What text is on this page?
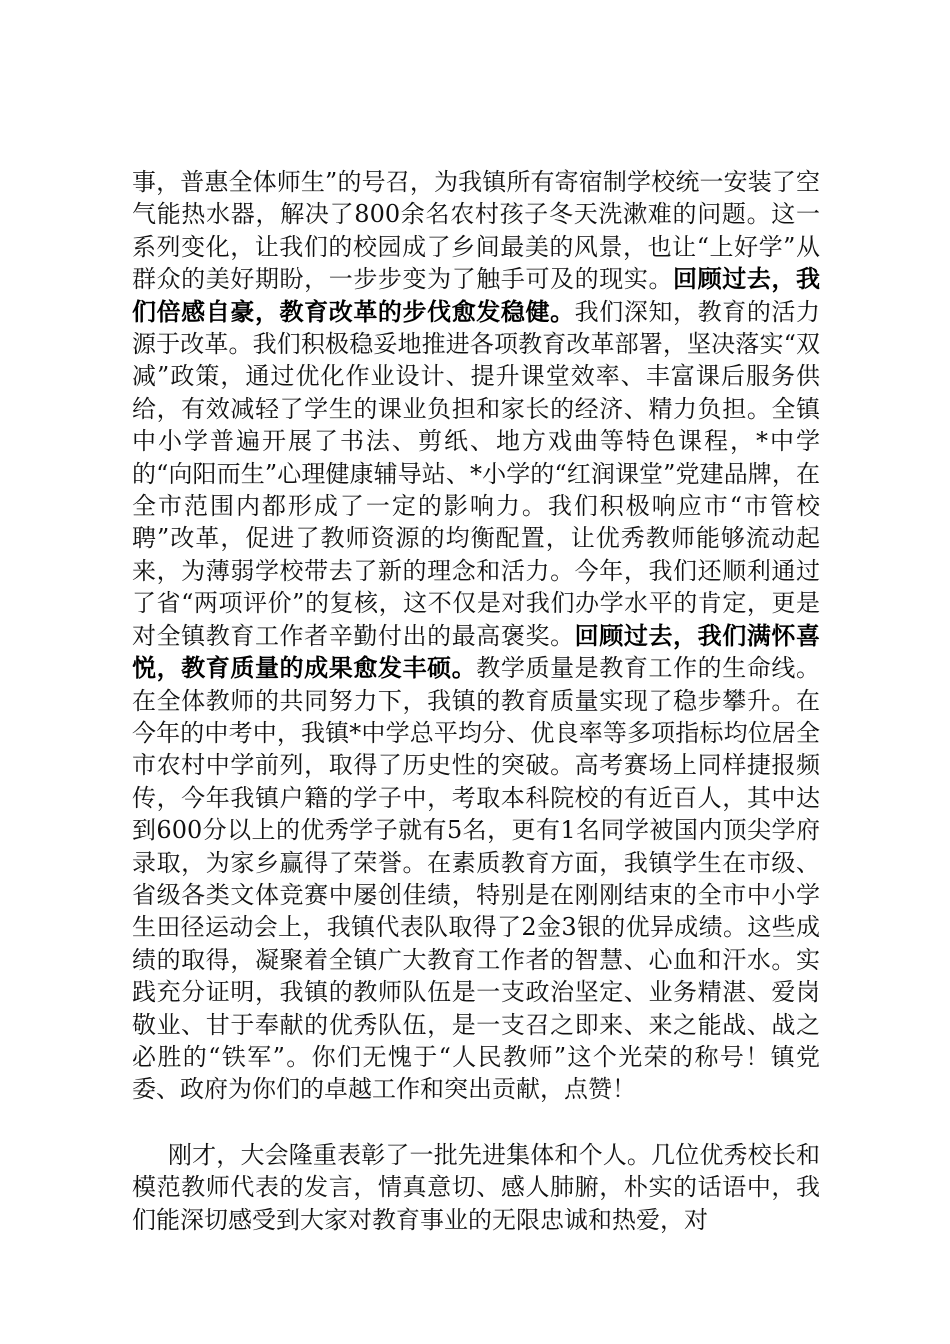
事，普惠全体师生”的号召，为我镇所有寄宿制学校统一安装了空气能热水器，解决了800余名农村孩子冬天洗漱难的问题。这一系列变化，让我们的校园成了乡间最美的风景，也让“上好学”从群众的美好期盼，一步步变为了触手可及的现实。回顾过去，我们倍感自豪，教育改革的步伐愈发稳健。我们深知，教育的活力源于改革。我们积极稳妥地推进各项教育改革部署，坚决落实“双减”政策，通过优化作业设计、提升课堂效率、丰富课后服务供给，有效减轻了学生的课业负担和家长的经济、精力负担。全镇中小学普遍开展了书法、剪纸、地方戏曲等特色课程，*中学的“向阳而生”心理健康辅导站、*小学的“红润课堂”党建品牌，在全市范围内都形成了一定的影响力。我们积极响应市“市管校聘”改革，促进了教师资源的均衡配置，让优秀教师能够流动起来，为薄弱学校带去了新的理念和活力。今年，我们还顺利通过了省“两项评价”的复核，这不仅是对我们办学水平的肯定，更是对全镇教育工作者辛勤付出的最高褒奖。回顾过去，我们满怀喜悦，教育质量的成果愈发丰硕。教学质量是教育工作的生命线。在全体教师的共同努力下，我镇的教育质量实现了稳步攀升。在今年的中考中，我镇*中学总平均分、优良率等多项指标均位居全市农村中学前列，取得了历史性的突破。高考赛场上同样捷报频传，今年我镇户籍的学子中，考取本科院校的有近百人，其中达到600分以上的优秀学子就有5名，更有1名同学被国内顶尖学府录取，为家乡赢得了荣誉。在素质教育方面，我镇学生在市级、省级各类文体竞赛中屡创佳绩，特别是在刚刚结束的全市中小学生田径运动会上，我镇代表队取得了2金3银的优异成绩。这些成绩的取得，凝聚着全镇广大教育工作者的智慧、心血和汗水。实践充分证明，我镇的教师队伍是一支政治坚定、业务精湛、爱岗敬业、甘于奉献的优秀队伍，是一支召之即来、来之能战、战之必胜的“铁军”。你们无愧于“人民教师”这个光荣的称号！镇党委、政府为你们的卓越工作和突出贡献，点赞！

刚才，大会隆重表彰了一批先进集体和个人。几位优秀校长和模范教师代表的发言，情真意切、感人肺腑，朴实的话语中，我们能深切感受到大家对教育事业的无限忠诚和热爱，对
